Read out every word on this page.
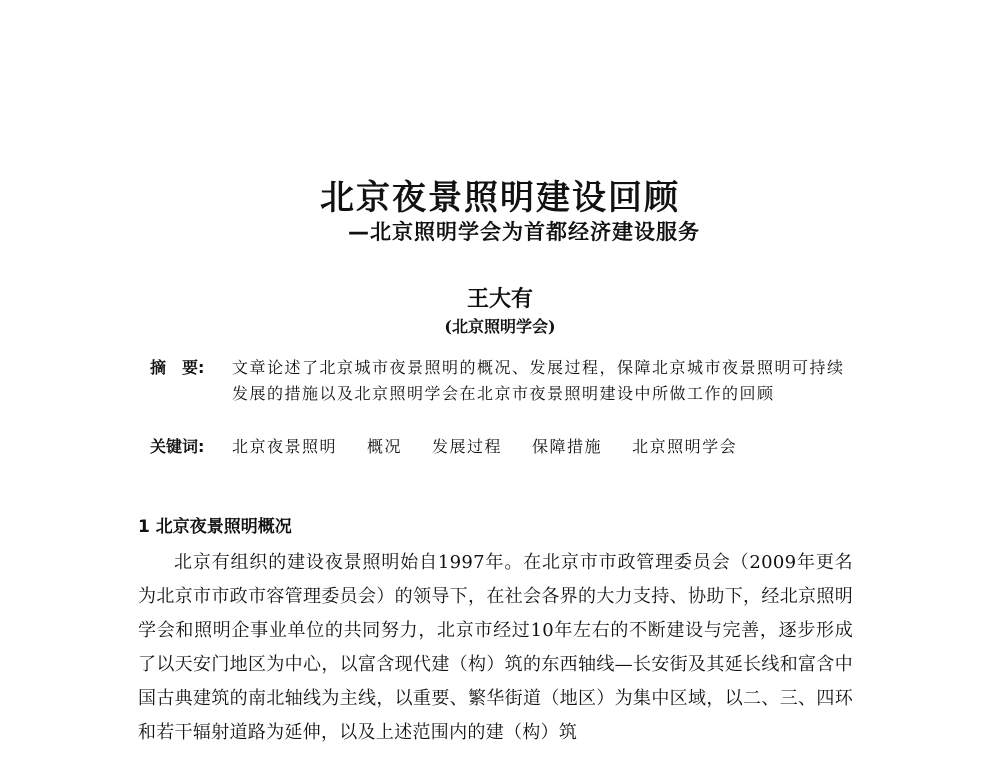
北京夜景照明建设回顾
—北京照明学会为首都经济建设服务
王大有
(北京照明学会)
摘　要:	文章论述了北京城市夜景照明的概况、发展过程，保障北京城市夜景照明可持续发展的措施以及北京照明学会在北京市夜景照明建设中所做工作的回顾
关键词:	北京夜景照明 概况 发展过程 保障措施 北京照明学会
1 北京夜景照明概况

北京有组织的建设夜景照明始自1997年。在北京市市政管理委员会（2009年更名为北京市市政市容管理委员会）的领导下，在社会各界的大力支持、协助下，经北京照明学会和照明企事业单位的共同努力，北京市经过10年左右的不断建设与完善，逐步形成了以天安门地区为中心，以富含现代建（构）筑的东西轴线—长安街及其延长线和富含中国古典建筑的南北轴线为主线，以重要、繁华街道（地区）为集中区域，以二、三、四环和若干辐射道路为延伸，以及上述范围内的建（构）筑
